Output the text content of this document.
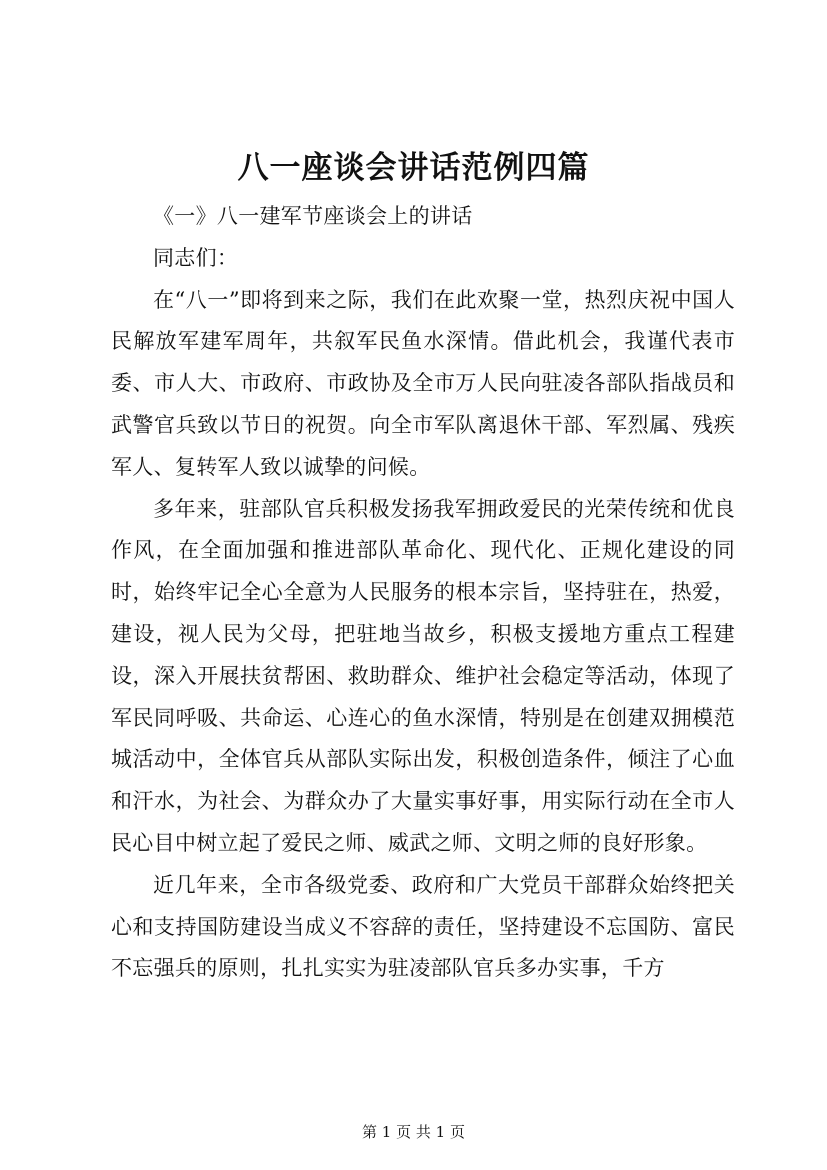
八一座谈会讲话范例四篇

《一》八一建军节座谈会上的讲话

同志们：

在“八一”即将到来之际，我们在此欢聚一堂，热烈庆祝中国人民解放军建军周年，共叙军民鱼水深情。借此机会，我谨代表市委、市人大、市政府、市政协及全市万人民向驻凌各部队指战员和武警官兵致以节日的祝贺。向全市军队离退休干部、军烈属、残疾军人、复转军人致以诚挚的问候。

多年来，驻部队官兵积极发扬我军拥政爱民的光荣传统和优良作风，在全面加强和推进部队革命化、现代化、正规化建设的同时，始终牢记全心全意为人民服务的根本宗旨，坚持驻在，热爱，建设，视人民为父母，把驻地当故乡，积极支援地方重点工程建设，深入开展扶贫帮困、救助群众、维护社会稳定等活动，体现了军民同呼吸、共命运、心连心的鱼水深情，特别是在创建双拥模范城活动中，全体官兵从部队实际出发，积极创造条件，倾注了心血和汗水，为社会、为群众办了大量实事好事，用实际行动在全市人民心目中树立起了爱民之师、威武之师、文明之师的良好形象。

近几年来，全市各级党委、政府和广大党员干部群众始终把关心和支持国防建设当成义不容辞的责任，坚持建设不忘国防、富民不忘强兵的原则，扎扎实实为驻凌部队官兵多办实事，千方

第 1 页 共 1 页
